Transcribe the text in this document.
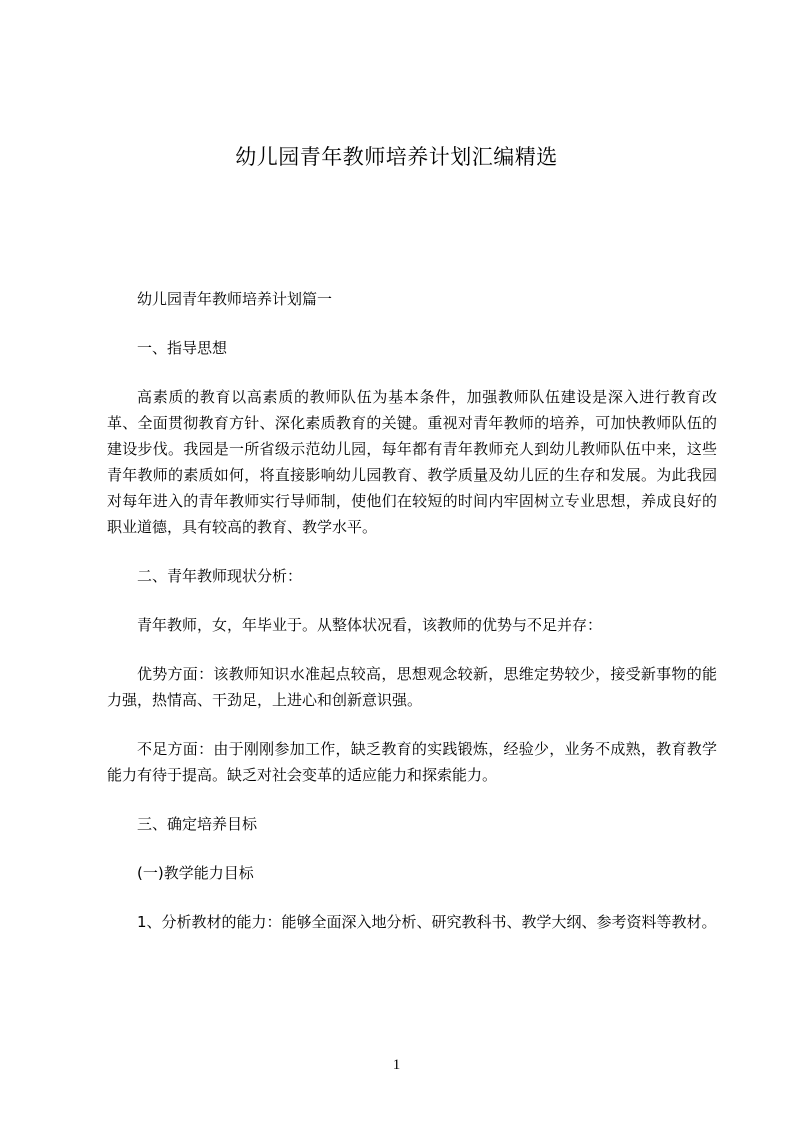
幼儿园青年教师培养计划汇编精选

幼儿园青年教师培养计划篇一

一、指导思想

高素质的教育以高素质的教师队伍为基本条件，加强教师队伍建设是深入进行教育改革、全面贯彻教育方针、深化素质教育的关键。重视对青年教师的培养，可加快教师队伍的建设步伐。我园是一所省级示范幼儿园，每年都有青年教师充人到幼儿教师队伍中来，这些青年教师的素质如何，将直接影响幼儿园教育、教学质量及幼儿匠的生存和发展。为此我园对每年进入的青年教师实行导师制，使他们在较短的时间内牢固树立专业思想，养成良好的职业道德，具有较高的教育、教学水平。

二、青年教师现状分析：

青年教师，女，年毕业于。从整体状况看，该教师的优势与不足并存：

优势方面：该教师知识水准起点较高，思想观念较新，思维定势较少，接受新事物的能力强，热情高、干劲足，上进心和创新意识强。

不足方面：由于刚刚参加工作，缺乏教育的实践锻炼，经验少，业务不成熟，教育教学能力有待于提高。缺乏对社会变革的适应能力和探索能力。

三、确定培养目标

(一)教学能力目标

1、分析教材的能力：能够全面深入地分析、研究教科书、教学大纲、参考资料等教材。

1
